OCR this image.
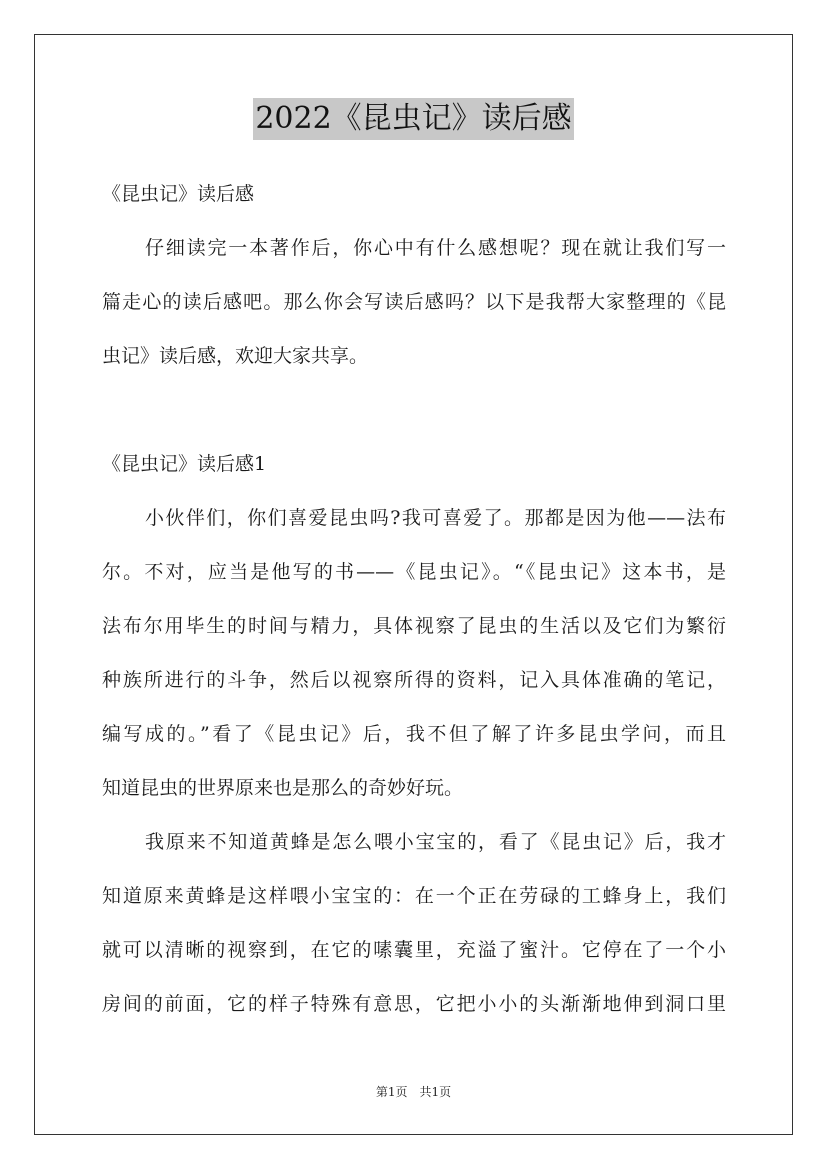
2022《昆虫记》读后感
《昆虫记》读后感
仔细读完一本著作后，你心中有什么感想呢？现在就让我们写一
篇走心的读后感吧。那么你会写读后感吗？以下是我帮大家整理的《昆
虫记》读后感，欢迎大家共享。
《昆虫记》读后感1
小伙伴们，你们喜爱昆虫吗?我可喜爱了。那都是因为他——法布
尔。不对，应当是他写的书——《昆虫记》。“《昆虫记》这本书，是
法布尔用毕生的时间与精力，具体视察了昆虫的生活以及它们为繁衍
种族所进行的斗争，然后以视察所得的资料，记入具体准确的笔记，
编写成的。”看了《昆虫记》后，我不但了解了许多昆虫学问，而且
知道昆虫的世界原来也是那么的奇妙好玩。
我原来不知道黄蜂是怎么喂小宝宝的，看了《昆虫记》后，我才
知道原来黄蜂是这样喂小宝宝的：在一个正在劳碌的工蜂身上，我们
就可以清晰的视察到，在它的嗉囊里，充溢了蜜汁。它停在了一个小
房间的前面，它的样子特殊有意思，它把小小的头渐渐地伸到洞口里
第1页　共1页
